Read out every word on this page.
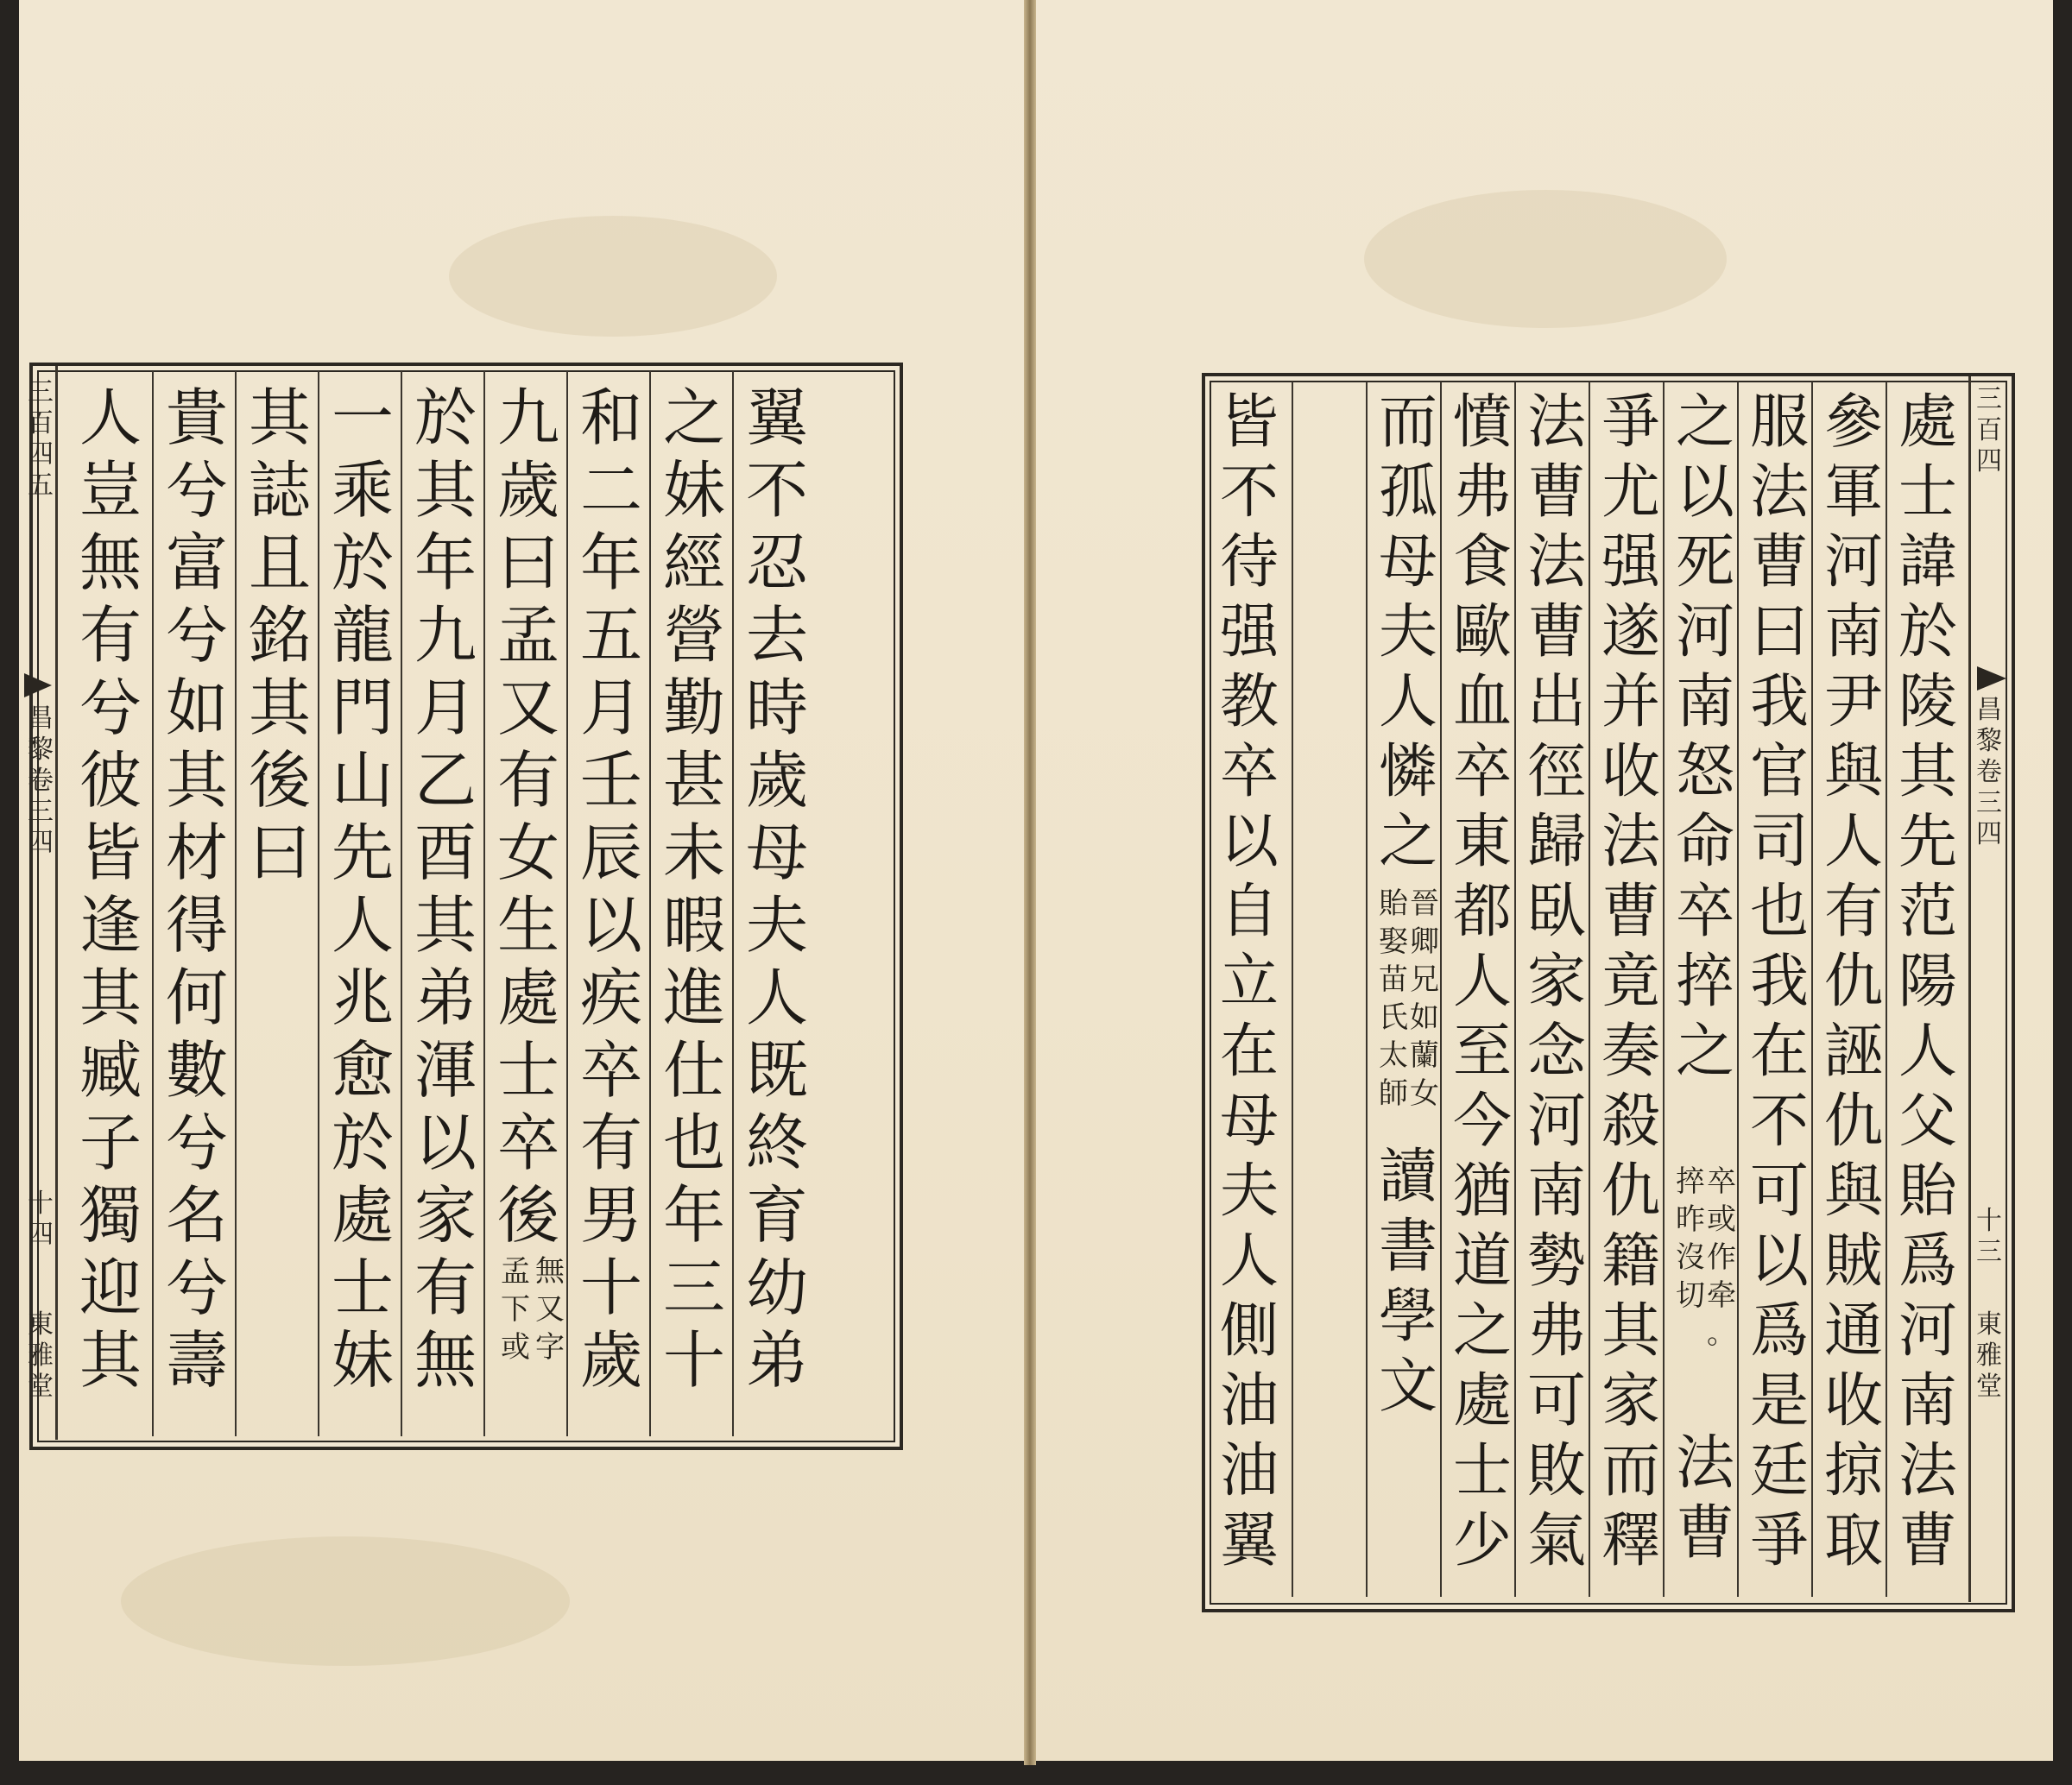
三
百
四
五
昌
黎
卷
三
四
十
四
東
雅
堂
翼
不
忍
去
時
歲
母
夫
人
既
終
育
幼
弟
之
妹
經
營
勤
甚
未
暇
進
仕
也
年
三
十
和
二
年
五
月
壬
辰
以
疾
卒
有
男
十
歲
九
歲
曰
孟
又
有
女
生
處
士
卒
後
孟
下
或
無
又
字
於
其
年
九
月
乙
酉
其
弟
渾
以
家
有
無
一
乘
於
龍
門
山
先
人
兆
愈
於
處
士
妹
其
誌
且
銘
其
後
曰
貴
兮
富
兮
如
其
材
得
何
數
兮
名
兮
壽
人
豈
無
有
兮
彼
皆
逢
其
臧
子
獨
迎
其
三
百
四
昌
黎
卷
三
四
十
三
東
雅
堂
處
士
諱
於
陵
其
先
范
陽
人
父
貽
爲
河
南
法
曹
參
軍
河
南
尹
與
人
有
仇
誣
仇
與
賊
通
收
掠
取
服
法
曹
曰
我
官
司
也
我
在
不
可
以
爲
是
廷
爭
之
以
死
河
南
怒
命
卒
捽
之
捽
昨
沒
切
卒
或
作
牵
。
法
曹
爭
尤
强
遂
并
收
法
曹
竟
奏
殺
仇
籍
其
家
而
釋
法
曹
法
曹
出
徑
歸
臥
家
念
河
南
勢
弗
可
敗
氣
憤
弗
食
歐
血
卒
東
都
人
至
今
猶
道
之
處
士
少
而
孤
母
夫
人
憐
之
貽
娶
苗
氏
太
師
晉
卿
兄
如
蘭
女
讀
書
學
文
皆
不
待
强
教
卒
以
自
立
在
母
夫
人
側
油
油
翼
